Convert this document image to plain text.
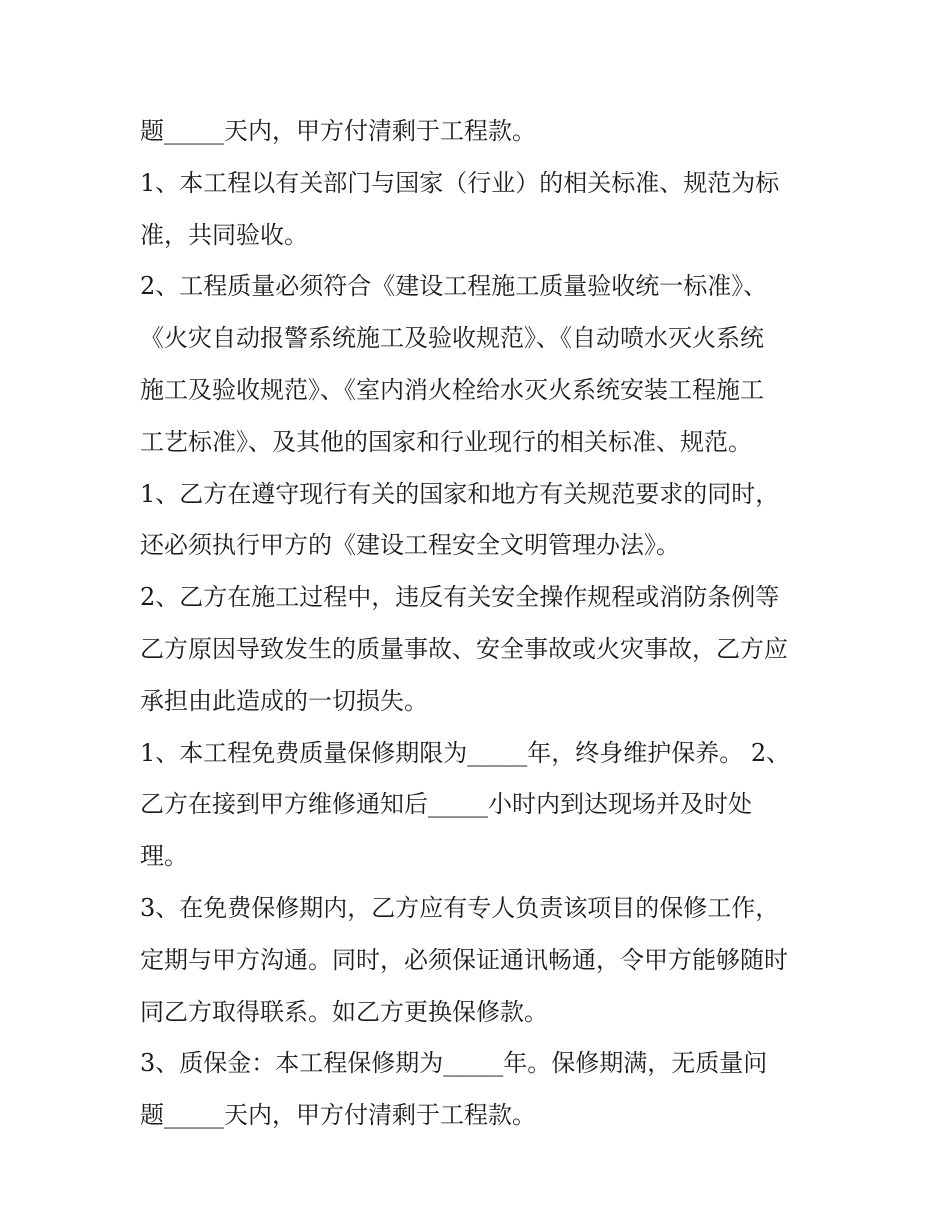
题_____天内，甲方付清剩于工程款。
1、本工程以有关部门与国家（行业）的相关标准、规范为标
准，共同验收。
2、工程质量必须符合《建设工程施工质量验收统一标准》、
《火灾自动报警系统施工及验收规范》、《自动喷水灭火系统
施工及验收规范》、《室内消火栓给水灭火系统安装工程施工
工艺标准》、及其他的国家和行业现行的相关标准、规范。
1、乙方在遵守现行有关的国家和地方有关规范要求的同时，
还必须执行甲方的《建设工程安全文明管理办法》。
2、乙方在施工过程中，违反有关安全操作规程或消防条例等
乙方原因导致发生的质量事故、安全事故或火灾事故，乙方应
承担由此造成的一切损失。
1、本工程免费质量保修期限为_____年，终身维护保养。 2、
乙方在接到甲方维修通知后_____小时内到达现场并及时处
理。
3、在免费保修期内，乙方应有专人负责该项目的保修工作，
定期与甲方沟通。同时，必须保证通讯畅通，令甲方能够随时
同乙方取得联系。如乙方更换保修款。
3、质保金：本工程保修期为_____年。保修期满，无质量问
题_____天内，甲方付清剩于工程款。
